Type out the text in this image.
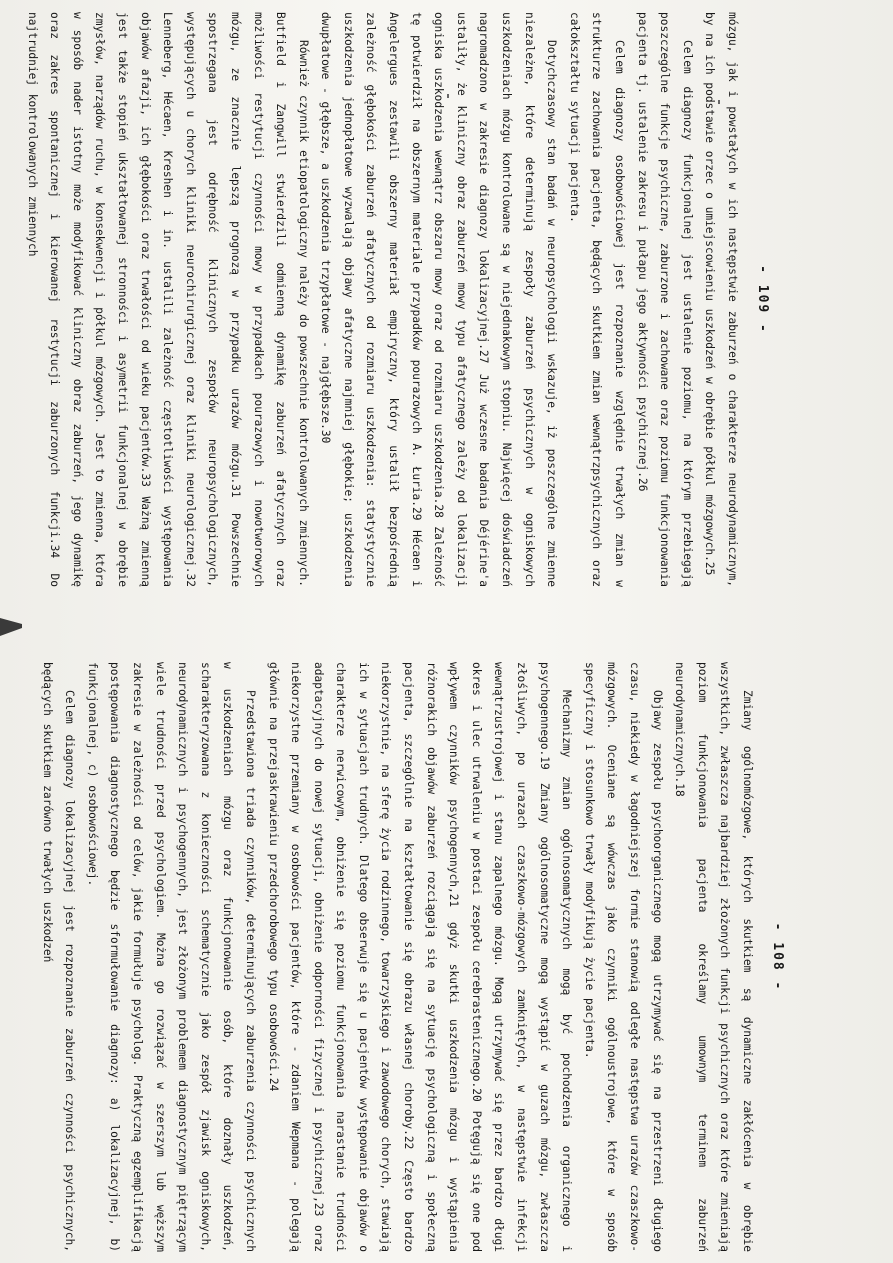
- 109 -

mózgu, jak i powstałych w ich następstwie zaburzeń o charakterze neurodynamicznym, by na ich podstawie orzec o umiejscowieniu uszkodzeń w obrębie półkul mózgowych.25

Celem diagnozy funkcjonalnej jest ustalenie poziomu, na którym przebiegają poszczególne funkcje psychiczne, zaburzone i zachowane oraz poziomu funkcjonowania pacjenta tj. ustalenie zakresu i pułapu jego aktywności psychicznej.26

Celem diagnozy osobowościowej jest rozpoznanie względnie trwałych zmian w strukturze zachowania pacjenta, będących skutkiem zmian wewnątrzpsychicznych oraz całokształtu sytuacji pacjenta.

Dotychczasowy stan badań w neuropsychologii wskazuje, iż poszczególne zmienne niezależne, które determinują zespoły zaburzeń psychicznych w ogniskowych uszkodzeniach mózgu kontrolowane są w niejednakowym stopniu. Najwięcej doświadczeń nagromadzono w zakresie diagnozy lokalizacyjnej.27 Już wczesne badania Déjérine'a ustaliły, że kliniczny obraz zaburzeń mowy typu afatycznego zależy od lokalizacji ogniska uszkodzenia wewnątrz obszaru mowy oraz od rozmiaru uszkodzenia.28 Zależność tę potwierdził na obszernym materiale przypadków pourazowych A. Łuria.29 Hécaen i Angelergues zestawili obszerny materiał empiryczny, który ustalił bezpośrednią zależność głębokości zaburzeń afatycznych od rozmiaru uszkodzenia: statystycznie uszkodzenia jednopłatowe wyzwalają objawy afatyczne najmniej głębokie; uszkodzenia dwupłatowe - głębsze, a uszkodzenia trzypłatowe - najgłębsze.30

Również czynnik etiopatologiczny należy do powszechnie kontrolowanych zmiennych. Butfield i Zangwill stwierdzili odmienną dynamikę zaburzeń afatycznych oraz możliwości restytucji czynności mowy w przypadkach pourazowych i nowotworowych mózgu, ze znacznie lepszą prognozą w przypadku urazów mózgu.31 Powszechnie spostrzegana jest odrębność klinicznych zespołów neuropsychologicznych, występujących u chorych kliniki neurochirurgicznej oraz kliniki neurologicznej.32 Lenneberg, Hécaen, Kreshen i in. ustalili zależność częstotliwości występowania objawów afazji, ich głębokości oraz trwałości od wieku pacjentów.33 Ważną zmienną jest także stopień ukształtowanej stronności i asymetrii funkcjonalnej w obrębie zmysłów, narządów ruchu, w konsekwencji i półkul mózgowych. Jest to zmienna, która w sposób nader istotny może modyfikować kliniczny obraz zaburzeń, jego dynamikę oraz zakres spontanicznej i kierowanej restytucji zaburzonych funkcji.34 Do najtrudniej kontrolowanych zmiennych

- 108 -

Zmiany ogólnomózgowe, których skutkiem są dynamiczne zakłócenia w obrębie wszystkich, zwłaszcza najbardziej złożonych funkcji psychicznych oraz które zmieniają poziom funkcjonowania pacjenta określamy umownym terminem zaburzeń neurodynamicznych.18

Objawy zespołu psychoorganicznego mogą utrzymywać się na przestrzeni długiego czasu, niekiedy w łagodniejszej formie stanowią odległe następstwa urazów czaszkowo-mózgowych. Oceniane są wówczas jako czynniki ogólnoustrojowe, które w sposób specyficzny i stosunkowo trwały modyfikują życie pacjenta.

Mechanizmy zmian ogólnosomatycznych mogą być pochodzenia organicznego i psychogennego.19 Zmiany ogólnosomatyczne mogą wystąpić w guzach mózgu, zwłaszcza złośliwych, po urazach czaszkowo-mózgowych zamkniętych, w następstwie infekcji wewnątrzustrojowej i stanu zapalnego mózgu. Mogą utrzymywać się przez bardzo długi okres i ulec utrwaleniu w postaci zespołu cerebrastenicznego.20 Potęgują się one pod wpływem czynników psychogennych,21 gdyż skutki uszkodzenia mózgu i wystąpienia różnorakich objawów zaburzeń rozciągają się na sytuację psychologiczną i społeczną pacjenta, szczególnie na kształtowanie się obrazu własnej choroby.22 Często bardzo niekorzystnie, na sferę życia rodzinnego, towarzyskiego i zawodowego chorych, stawiają ich w sytuacjach trudnych. Dlatego obserwuje się u pacjentów występowanie objawów o charakterze nerwicowym, obniżenie się poziomu funkcjonowania narastanie trudności adaptacyjnych do nowej sytuacji, obniżenie odporności fizycznej i psychicznej,23 oraz niekorzystne przemiany w osobowości pacjentów, które - zdaniem Wepmana - polegają głównie na przejaskrawieniu przedchorobowego typu osobowości.24

Przedstawiona triada czynników, determinujących zaburzenia czynności psychicznych w uszkodzeniach mózgu oraz funkcjonowanie osób, które doznały uszkodzeń, scharakteryzowana z konieczności schematycznie jako zespół zjawisk ogniskowych, neurodynamicznych i psychogennych, jest złożonym problemem diagnostycznym piętrzącym wiele trudności przed psychologiem. Można go rozwiązać w szerszym lub węższym zakresie w zależności od celów, jakie formułuje psycholog. Praktyczną egzemplifikacją postępowania diagnostycznego będzie sformułowanie diagnozy: a) lokalizacyjnej, b) funkcjonalnej, c) osobowościowej.

Celem diagnozy lokalizacyjnej jest rozpoznanie zaburzeń czynności psychicznych, będących skutkiem zarówno trwałych uszkodzeń
